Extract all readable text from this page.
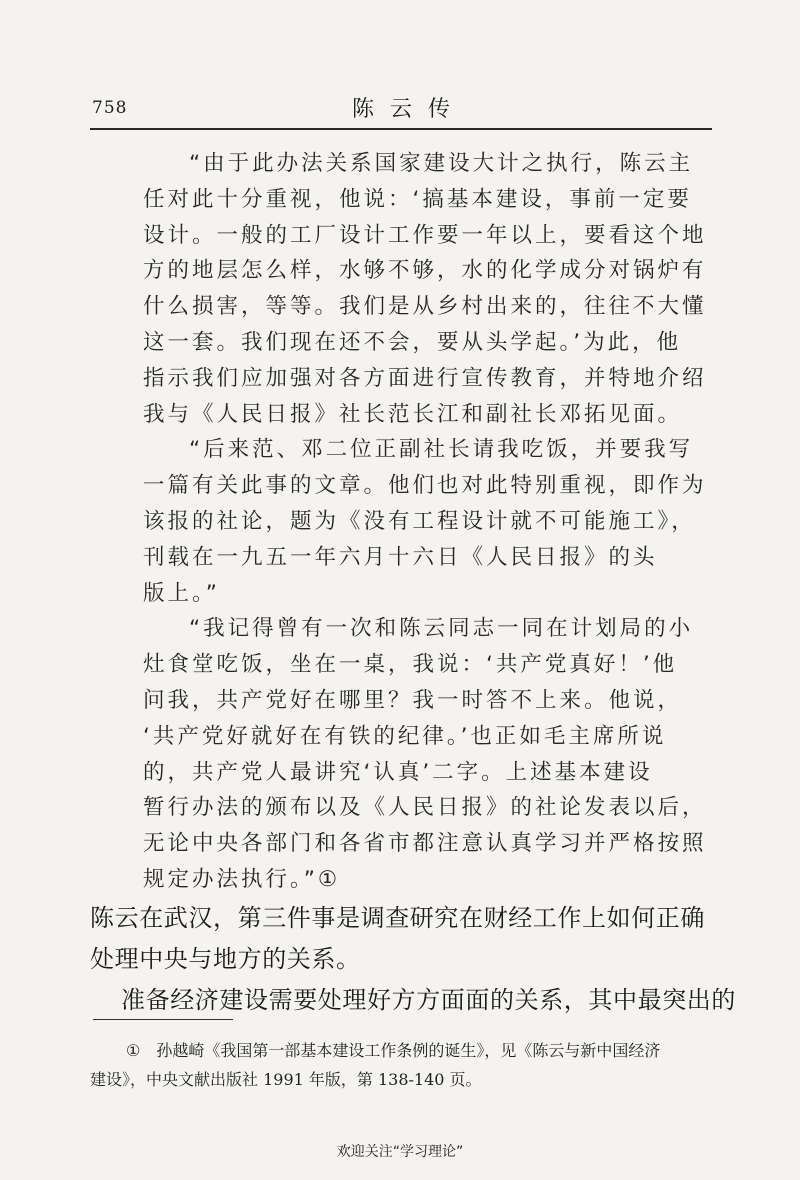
758	陈云传

“由于此办法关系国家建设大计之执行，陈云主

任对此十分重视，他说：‘搞基本建设，事前一定要

设计。一般的工厂设计工作要一年以上，要看这个地

方的地层怎么样，水够不够，水的化学成分对锅炉有

什么损害，等等。我们是从乡村出来的，往往不大懂

这一套。我们现在还不会，要从头学起。’为此，他

指示我们应加强对各方面进行宣传教育，并特地介绍

我与《人民日报》社长范长江和副社长邓拓见面。

“后来范、邓二位正副社长请我吃饭，并要我写

一篇有关此事的文章。他们也对此特别重视，即作为

该报的社论，题为《没有工程设计就不可能施工》，

刊载在一九五一年六月十六日《人民日报》的头

版上。”

“我记得曾有一次和陈云同志一同在计划局的小

灶食堂吃饭，坐在一桌，我说：‘共产党真好！’他

问我，共产党好在哪里？我一时答不上来。他说，

‘共产党好就好在有铁的纪律。’也正如毛主席所说

的，共产党人最讲究‘认真’二字。上述基本建设

暂行办法的颁布以及《人民日报》的社论发表以后，

无论中央各部门和各省市都注意认真学习并严格按照

规定办法执行。”①

陈云在武汉，第三件事是调查研究在财经工作上如何正确

处理中央与地方的关系。

准备经济建设需要处理好方方面面的关系，其中最突出的

① 孙越崎《我国第一部基本建设工作条例的诞生》，见《陈云与新中国经济

建设》，中央文献出版社 1991 年版，第 138-140 页。

欢迎关注“学习理论”
